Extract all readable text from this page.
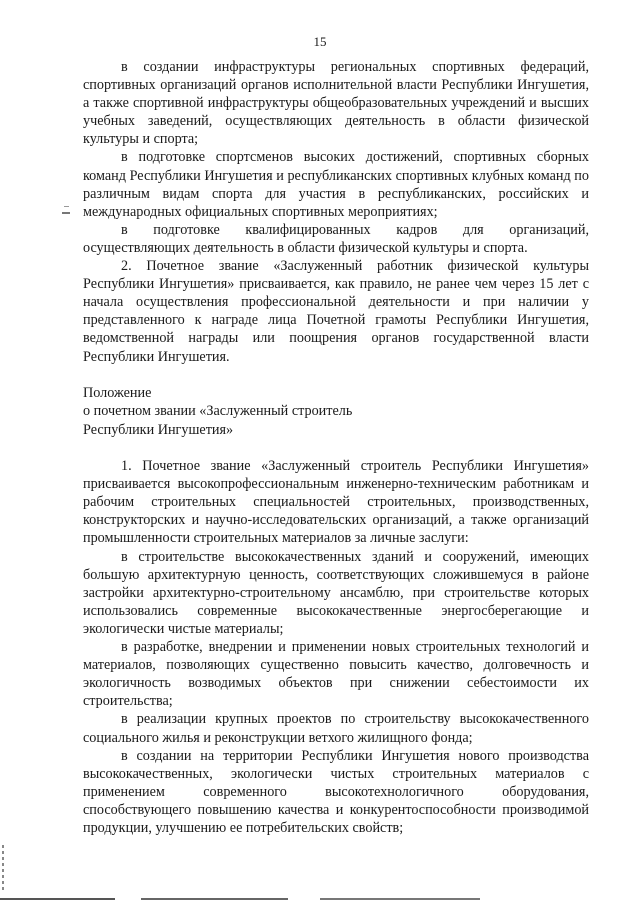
15

в создании инфраструктуры региональных спортивных федераций, спортивных организаций органов исполнительной власти Республики Ингушетия, а также спортивной инфраструктуры общеобразовательных учреждений и высших учебных заведений, осуществляющих деятельность в области физической культуры и спорта;

в подготовке спортсменов высоких достижений, спортивных сборных команд Республики Ингушетия и республиканских спортивных клубных команд по различным видам спорта для участия в республиканских, российских и международных официальных спортивных мероприятиях;

в подготовке квалифицированных кадров для организаций, осуществляющих деятельность в области физической культуры и спорта.

2. Почетное звание «Заслуженный работник физической культуры Республики Ингушетия» присваивается, как правило, не ранее чем через 15 лет с начала осуществления профессиональной деятельности и при наличии у представленного к награде лица Почетной грамоты Республики Ингушетия, ведомственной награды или поощрения органов государственной власти Республики Ингушетия.

Положение
о почетном звании «Заслуженный строитель
Республики Ингушетия»

1. Почетное звание «Заслуженный строитель Республики Ингушетия» присваивается высокопрофессиональным инженерно-техническим работникам и рабочим строительных специальностей строительных, производственных, конструкторских и научно-исследовательских организаций, а также организаций промышленности строительных материалов за личные заслуги:

в строительстве высококачественных зданий и сооружений, имеющих большую архитектурную ценность, соответствующих сложившемуся в районе застройки архитектурно-строительному ансамблю, при строительстве которых использовались современные высококачественные энергосберегающие и экологически чистые материалы;

в разработке, внедрении и применении новых строительных технологий и материалов, позволяющих существенно повысить качество, долговечность и экологичность возводимых объектов при снижении себестоимости их строительства;

в реализации крупных проектов по строительству высококачественного социального жилья и реконструкции ветхого жилищного фонда;

в создании на территории Республики Ингушетия нового производства высококачественных, экологически чистых строительных материалов с применением современного высокотехнологичного оборудования, способствующего повышению качества и конкурентоспособности производимой продукции, улучшению ее потребительских свойств;
